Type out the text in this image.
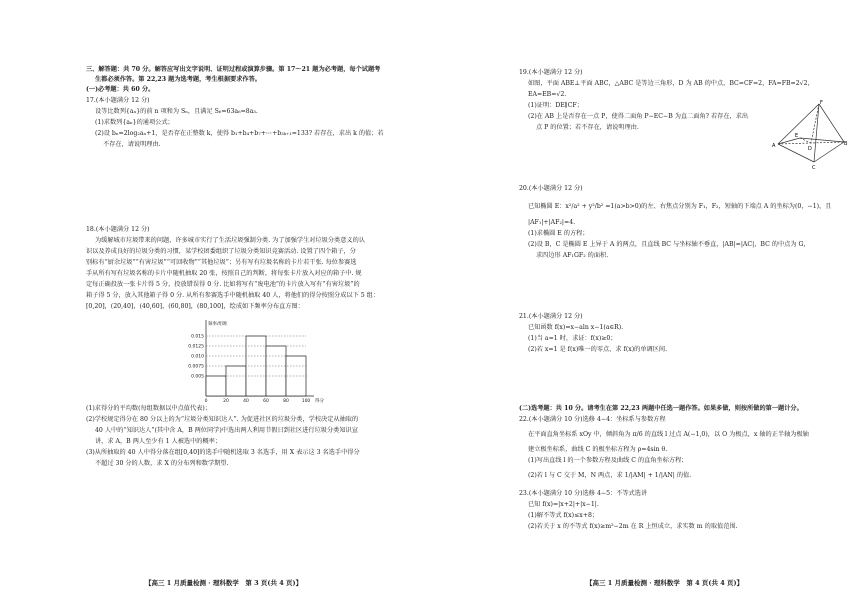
三、解答题：共 70 分。解答应写出文字说明、证明过程或演算步骤。第 17～21 题为必考题，每个试题考
生都必须作答。第 22,23 题为选考题，考生根据要求作答。
(一)必考题：共 60 分。
17.(本小题满分 12 分)
设等比数列{aₙ}的前 n 项和为 Sₙ，且满足 S₆=63a₆=8a₃.
(1)求数列{aₙ}的通项公式；
(2)设 bₙ=2log₂aₙ+1，是否存在正整数 k，使得 b₁+b₄+b₇+⋯+b₃ₖ₊₁=133? 若存在，求出 k 的值；若
不存在，请说明理由.
18.(本小题满分 12 分)
为缓解城市垃圾带来的问题，许多城市实行了生活垃圾强制分类. 为了加强学生对垃圾分类意义的认
识以及养成良好的垃圾分类的习惯，某学校团委组织了垃圾分类知识竞赛活动. 设置了四个箱子，分
别标有“厨余垃圾”“有害垃圾”“可回收物”“其他垃圾”；另有写有垃圾名称的卡片若干张. 每位参赛选
手从所有写有垃圾名称的卡片中随机抽取 20 张，按照自己的判断，将每张卡片放入对应的箱子中. 规
定每正确投放一张卡片得 5 分，投放错误得 0 分. 比如将写有“废电池”的卡片放入写有“有害垃圾”的
箱子得 5 分，放入其他箱子得 0 分. 从所有参赛选手中随机抽取 40 人，将他们的得分按照分成以下 5 组：
[0,20]，(20,40]，(40,60]，(60,80]，(80,100]，绘成如下频率分布直方图：
0.005
0.0075
0.010
0.0125
0.015
0	20	40	60	80	100
频率/组距
得分
(1)求得分的平均数(每组数据以中点值代表)；
(2)学校规定得分在 80 分以上的为“垃圾分类知识达人”. 为促进社区的垃圾分类，学校决定从抽取的
40 人中的“知识达人”(其中含 A，B 两位同学)中选出两人利用节假日到社区进行垃圾分类知识宣
讲，求 A，B 两人至少有 1 人被选中的概率；
(3)从所抽取的 40 人中得分落在组[0,40]的选手中随机选取 3 名选手，用 X 表示这 3 名选手中得分
不超过 30 分的人数，求 X 的分布列和数学期望.
【高三 1 月质量检测 · 理科数学　第 3 页(共 4 页)】
19.(本小题满分 12 分)
如图，平面 ABE⊥平面 ABC，△ABC 是等边三角形，D 为 AB 的中点，BC=CF=2，FA=FB=2√2，
EA=EB=√2.
(1)证明：DE∥CF；
(2)在 AB 上是否存在一点 P，使得二面角 P−EC−B 为直二面角? 若存在，求出
点 P 的位置；若不存在，请说明理由.
F
E
A	B
C
D
20.(本小题满分 12 分)
已知椭圆 E：x²/a² + y²/b² =1(a>b>0)的左、右焦点分别为 F₁，F₂，短轴的下端点 A 的坐标为(0，−1)，且
|AF₁|+|AF₂|=4.
(1)求椭圆 E 的方程；
(2)设 B，C 是椭圆 E 上异于 A 的两点，且直线 BC 与坐标轴不垂直，|AB|=|AC|，BC 的中点为 G，
求四边形 AF₁GF₂ 的面积.
21.(本小题满分 12 分)
已知函数 f(x)=x−aln x−1(a∈R).
(1)当 a=1 时，求证：f(x)≥0；
(2)若 x=1 是 f(x)唯一的零点，求 f(x)的单调区间.
(二)选考题：共 10 分。请考生在第 22,23 两题中任选一题作答。如果多做，则按所做的第一题计分。
22.(本小题满分 10 分)选修 4−4：坐标系与参数方程
在平面直角坐标系 xOy 中，倾斜角为 π/6 的直线 l 过点 A(−1,0)，以 O 为极点，x 轴的正半轴为极轴
建立极坐标系，曲线 C 的极坐标方程为 ρ=4sin θ.
(1)写出直线 l 的一个参数方程及曲线 C 的直角坐标方程；
(2)若 l 与 C 交于 M，N 两点，求 1/|AM| + 1/|AN| 的值.
23.(本小题满分 10 分)选修 4−5：不等式选讲
已知 f(x)=|x+2|+|x−1|.
(1)解不等式 f(x)≤x+8；
(2)若关于 x 的不等式 f(x)≥m²−2m 在 R 上恒成立，求实数 m 的取值范围.
【高三 1 月质量检测 · 理科数学　第 4 页(共 4 页)】
